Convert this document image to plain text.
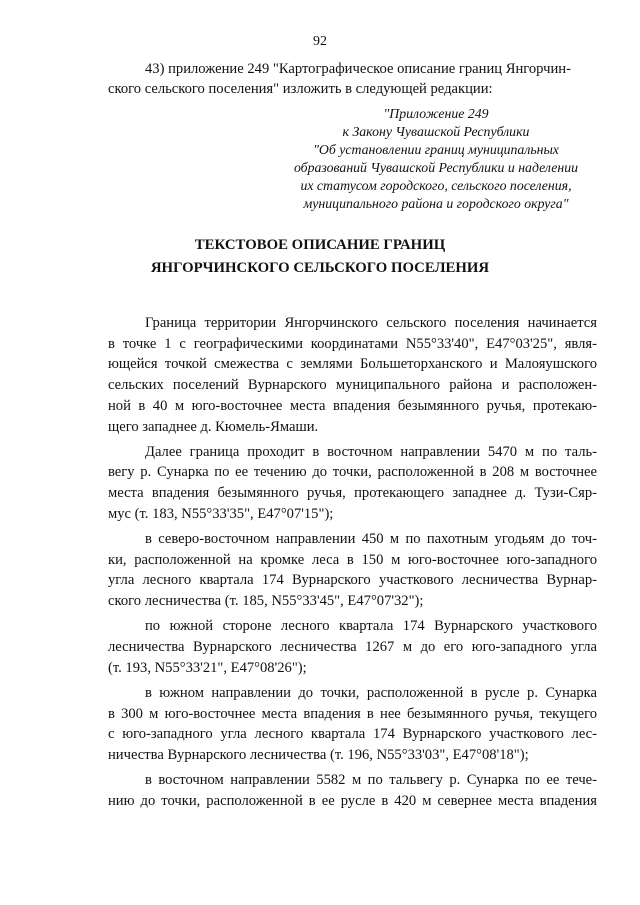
92
43) приложение 249 "Картографическое описание границ Янгорчин-
ского сельского поселения" изложить в следующей редакции:
"Приложение 249
к Закону Чувашской Республики
"Об установлении границ муниципальных
образований Чувашской Республики и наделении
их статусом городского, сельского поселения,
муниципального района и городского округа"
ТЕКСТОВОЕ ОПИСАНИЕ ГРАНИЦ
ЯНГОРЧИНСКОГО СЕЛЬСКОГО ПОСЕЛЕНИЯ
Граница территории Янгорчинского сельского поселения начинается
в точке 1 с географическими координатами N55°33'40", E47°03'25", явля-
ющейся точкой смежества с землями Большеторханского и Малояушского
сельских поселений Вурнарского муниципального района и расположен-
ной в 40 м юго-восточнее места впадения безымянного ручья, протекаю-
щего западнее д. Кюмель-Ямаши.
Далее граница проходит в восточном направлении 5470 м по таль-
вегу р. Сунарка по ее течению до точки, расположенной в 208 м восточнее
места впадения безымянного ручья, протекающего западнее д. Тузи-Сяр-
мус (т. 183, N55°33'35", E47°07'15");
в северо-восточном направлении 450 м по пахотным угодьям до точ-
ки, расположенной на кромке леса в 150 м юго-восточнее юго-западного
угла лесного квартала 174 Вурнарского участкового лесничества Вурнар-
ского лесничества (т. 185, N55°33'45", E47°07'32");
по южной стороне лесного квартала 174 Вурнарского участкового
лесничества Вурнарского лесничества 1267 м до его юго-западного угла
(т. 193, N55°33'21", E47°08'26");
в южном направлении до точки, расположенной в русле р. Сунарка
в 300 м юго-восточнее места впадения в нее безымянного ручья, текущего
с юго-западного угла лесного квартала 174 Вурнарского участкового лес-
ничества Вурнарского лесничества (т. 196, N55°33'03", E47°08'18");
в восточном направлении 5582 м по тальвегу р. Сунарка по ее тече-
нию до точки, расположенной в ее русле в 420 м севернее места впадения
